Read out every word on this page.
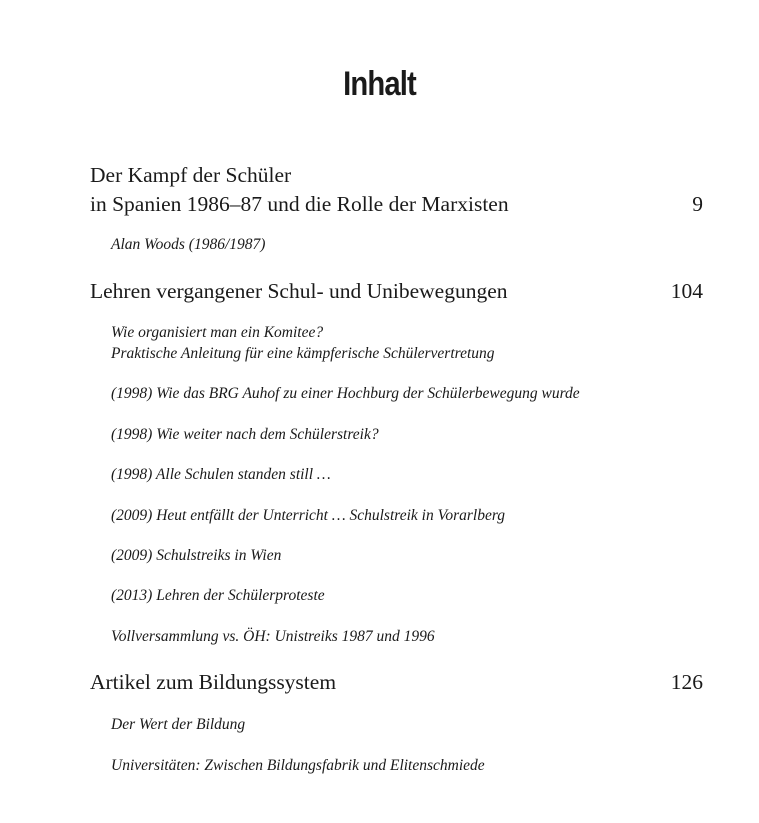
Inhalt
Der Kampf der Schüler
in Spanien 1986–87 und die Rolle der Marxisten	9
Alan Woods (1986/1987)
Lehren vergangener Schul- und Unibewegungen	104
Wie organisiert man ein Komitee?
Praktische Anleitung für eine kämpferische Schülervertretung
(1998) Wie das BRG Auhof zu einer Hochburg der Schülerbewegung wurde
(1998) Wie weiter nach dem Schülerstreik?
(1998) Alle Schulen standen still …
(2009) Heut entfällt der Unterricht … Schulstreik in Vorarlberg
(2009) Schulstreiks in Wien
(2013) Lehren der Schülerproteste
Vollversammlung vs. ÖH: Unistreiks 1987 und 1996
Artikel zum Bildungssystem	126
Der Wert der Bildung
Universitäten: Zwischen Bildungsfabrik und Elitenschmiede
